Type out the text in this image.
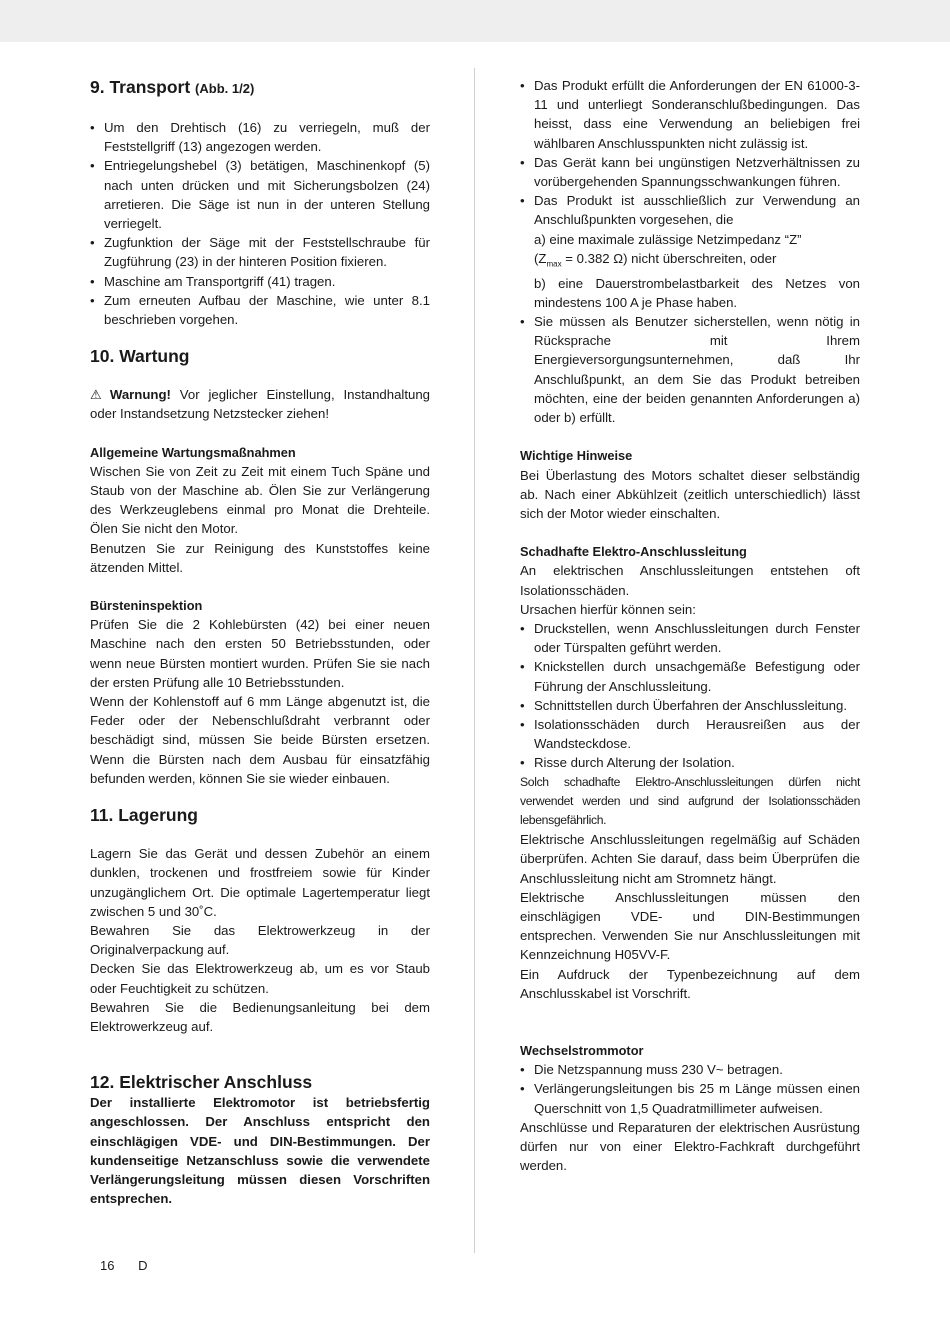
9. Transport (Abb. 1/2)
• Um den Drehtisch (16) zu verriegeln, muß der Feststellgriff (13) angezogen werden.
• Entriegelungshebel (3) betätigen, Maschinenkopf (5) nach unten drücken und mit Sicherungsbolzen (24) arretieren. Die Säge ist nun in der unteren Stellung verriegelt.
• Zugfunktion der Säge mit der Feststellschraube für Zugführung (23) in der hinteren Position fixieren.
• Maschine am Transportgriff (41) tragen.
• Zum erneuten Aufbau der Maschine, wie unter 8.1 beschrieben vorgehen.
10. Wartung

⚠ Warnung! Vor jeglicher Einstellung, Instandhaltung oder Instandsetzung Netzstecker ziehen!

Allgemeine Wartungsmaßnahmen

Wischen Sie von Zeit zu Zeit mit einem Tuch Späne und Staub von der Maschine ab. Ölen Sie zur Verlängerung des Werkzeuglebens einmal pro Monat die Drehteile. Ölen Sie nicht den Motor.

Benutzen Sie zur Reinigung des Kunststoffes keine ätzenden Mittel.

Bürsteninspektion

Prüfen Sie die 2 Kohlebürsten (42) bei einer neuen Maschine nach den ersten 50 Betriebsstunden, oder wenn neue Bürsten montiert wurden. Prüfen Sie sie nach der ersten Prüfung alle 10 Betriebsstunden.

Wenn der Kohlenstoff auf 6 mm Länge abgenutzt ist, die Feder oder der Nebenschlußdraht verbrannt oder beschädigt sind, müssen Sie beide Bürsten ersetzen. Wenn die Bürsten nach dem Ausbau für einsatzfähig befunden werden, können Sie sie wieder einbauen.

11. Lagerung

Lagern Sie das Gerät und dessen Zubehör an einem dunklen, trockenen und frostfreiem sowie für Kinder unzugänglichem Ort. Die optimale Lagertemperatur liegt zwischen 5 und 30˚C.

Bewahren Sie das Elektrowerkzeug in der Originalverpackung auf.

Decken Sie das Elektrowerkzeug ab, um es vor Staub oder Feuchtigkeit zu schützen.

Bewahren Sie die Bedienungsanleitung bei dem Elektrowerkzeug auf.

12. Elektrischer Anschluss

Der installierte Elektromotor ist betriebsfertig angeschlossen. Der Anschluss entspricht den einschlägigen VDE- und DIN-Bestimmungen. Der kundenseitige Netzanschluss sowie die verwendete Verlängerungsleitung müssen diesen Vorschriften entsprechen.

• Das Produkt erfüllt die Anforderungen der EN 61000-3-11 und unterliegt Sonderanschlußbedingungen. Das heisst, dass eine Verwendung an beliebigen frei wählbaren Anschlusspunkten nicht zulässig ist.
• Das Gerät kann bei ungünstigen Netzverhältnissen zu vorübergehenden Spannungsschwankungen führen.
• Das Produkt ist ausschließlich zur Verwendung an Anschlußpunkten vorgesehen, die
a) eine maximale zulässige Netzimpedanz “Z”
($Z_{max} = 0.382$ Ω) nicht überschreiten, oder
b) eine Dauerstrombelastbarkeit des Netzes von mindestens 100 A je Phase haben.
• Sie müssen als Benutzer sicherstellen, wenn nötig in Rücksprache mit Ihrem Energieversorgungsunternehmen, daß Ihr Anschlußpunkt, an dem Sie das Produkt betreiben möchten, eine der beiden genannten Anforderungen a) oder b) erfüllt.
Wichtige Hinweise

Bei Überlastung des Motors schaltet dieser selbständig ab. Nach einer Abkühlzeit (zeitlich unterschiedlich) lässt sich der Motor wieder einschalten.

Schadhafte Elektro-Anschlussleitung

An elektrischen Anschlussleitungen entstehen oft Isolationsschäden.

Ursachen hierfür können sein:

• Druckstellen, wenn Anschlussleitungen durch Fenster oder Türspalten geführt werden.
• Knickstellen durch unsachgemäße Befestigung oder Führung der Anschlussleitung.
• Schnittstellen durch Überfahren der Anschlussleitung.
• Isolationsschäden durch Herausreißen aus der Wandsteckdose.
• Risse durch Alterung der Isolation.

Solch schadhafte Elektro-Anschlussleitungen dürfen nicht verwendet werden und sind aufgrund der Isolationsschäden lebensgefährlich.

Elektrische Anschlussleitungen regelmäßig auf Schäden überprüfen. Achten Sie darauf, dass beim Überprüfen die Anschlussleitung nicht am Stromnetz hängt.

Elektrische Anschlussleitungen müssen den einschlägigen VDE- und DIN-Bestimmungen entsprechen. Verwenden Sie nur Anschlussleitungen mit Kennzeichnung H05VV-F.

Ein Aufdruck der Typenbezeichnung auf dem Anschlusskabel ist Vorschrift.

Wechselstrommotor
• Die Netzspannung muss 230 V~ betragen.
• Verlängerungsleitungen bis 25 m Länge müssen einen Querschnitt von 1,5 Quadratmillimeter aufweisen.

Anschlüsse und Reparaturen der elektrischen Ausrüstung dürfen nur von einer Elektro-Fachkraft durchgeführt werden.

16 D
